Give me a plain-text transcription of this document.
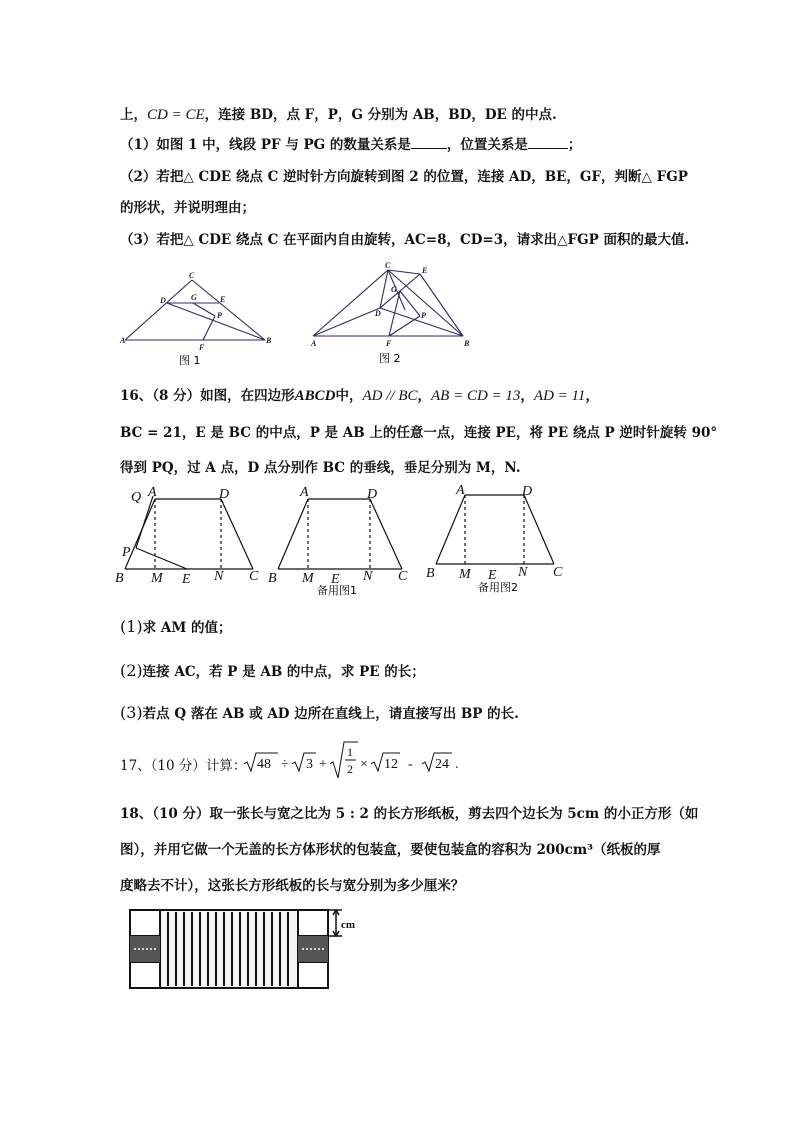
上，CD = CE，连接 BD，点 F，P，G 分别为 AB，BD，DE 的中点.
（1）如图 1 中，线段 PF 与 PG 的数量关系是	，位置关系是	；
（2）若把△ CDE 绕点 C 逆时针方向旋转到图 2 的位置，连接 AD，BE，GF，判断△ FGP
的形状，并说明理由；
（3）若把△ CDE 绕点 C 在平面内自由旋转，AC=8，CD=3，请求出△FGP 面积的最大值.
A	B
C
D	E
G
P
F
图 1
A	B
C
D
E
G
P
F
图 2
16、（8 分）如图，在四边形ABCD中，AD // BC，AB = CD = 13，AD = 11，
BC = 21，E 是 BC 的中点，P 是 AB 上的任意一点，连接 PE，将 PE 绕点 P 逆时针旋转 90°
得到 PQ，过 A 点，D 点分别作 BC 的垂线，垂足分别为 M，N.
B	C
A	D
Q
P
M E N	B	C
A	D
M E N
备用图1
B	C
A	D
M E N
备用图2
(1)求 AM 的值；
(2)连接 AC，若 P 是 AB 的中点，求 PE 的长；
(3)若点 Q 落在 AB 或 AD 边所在直线上，请直接写出 BP 的长.
17、（10 分）计算： 48 ÷ 3 +
1
2 × 12 - 24 .
18、（10 分）取一张长与宽之比为 5 : 2 的长方形纸板，剪去四个边长为 5cm 的小正方形（如
图），并用它做一个无盖的长方体形状的包装盒，要使包装盒的容积为 200cm³（纸板的厚
度略去不计），这张长方形纸板的长与宽分别为多少厘米？
cm
